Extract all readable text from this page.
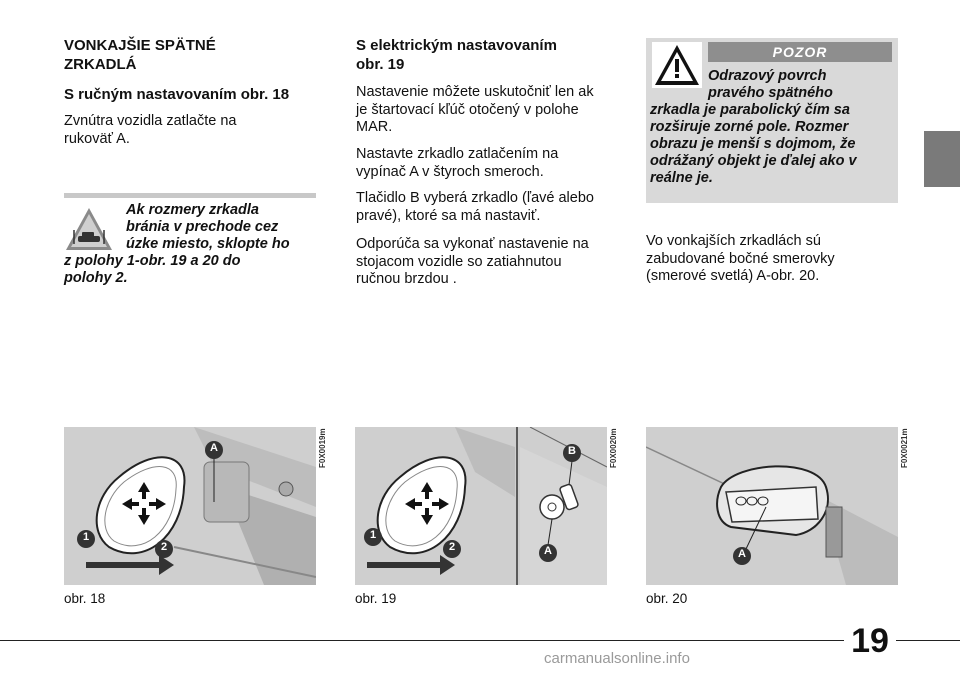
VONKAJŠIE SPÄTNÉ

ZRKADLÁ

S ručným nastavovaním obr. 18

Zvnútra vozidla zatlačte na

rukoväť A.

Ak rozmery zrkadla

bránia v prechode cez

úzke miesto, sklopte ho

z polohy 1-obr. 19 a 20 do

polohy 2.

S elektrickým nastavovaním

obr. 19

Nastavenie môžete uskutočniť len ak

je štartovací kľúč otočený v polohe

MAR.

Nastavte zrkadlo zatlačením na

vypínač A v štyroch smeroch.

Tlačidlo B vyberá zrkadlo (ľavé alebo

pravé), ktoré sa má nastaviť.

Odporúča sa vykonať nastavenie na

stojacom vozidle so zatiahnutou

ručnou brzdou .

POZOR

Odrazový povrch

pravého spätného

zrkadla je parabolický čím sa

rozširuje zorné pole. Rozmer

obrazu je menší s dojmom, že

odrážaný objekt je ďalej ako v

reálne je.

Vo vonkajších zrkadlách sú

zabudované bočné smerovky

(smerové svetlá) A-obr. 20.

A
1
2
F0X0019m
obr. 18
B
A
1
2
F0X0020m
obr. 19
A
F0X0021m
obr. 20
19
carmanualsonline.info
